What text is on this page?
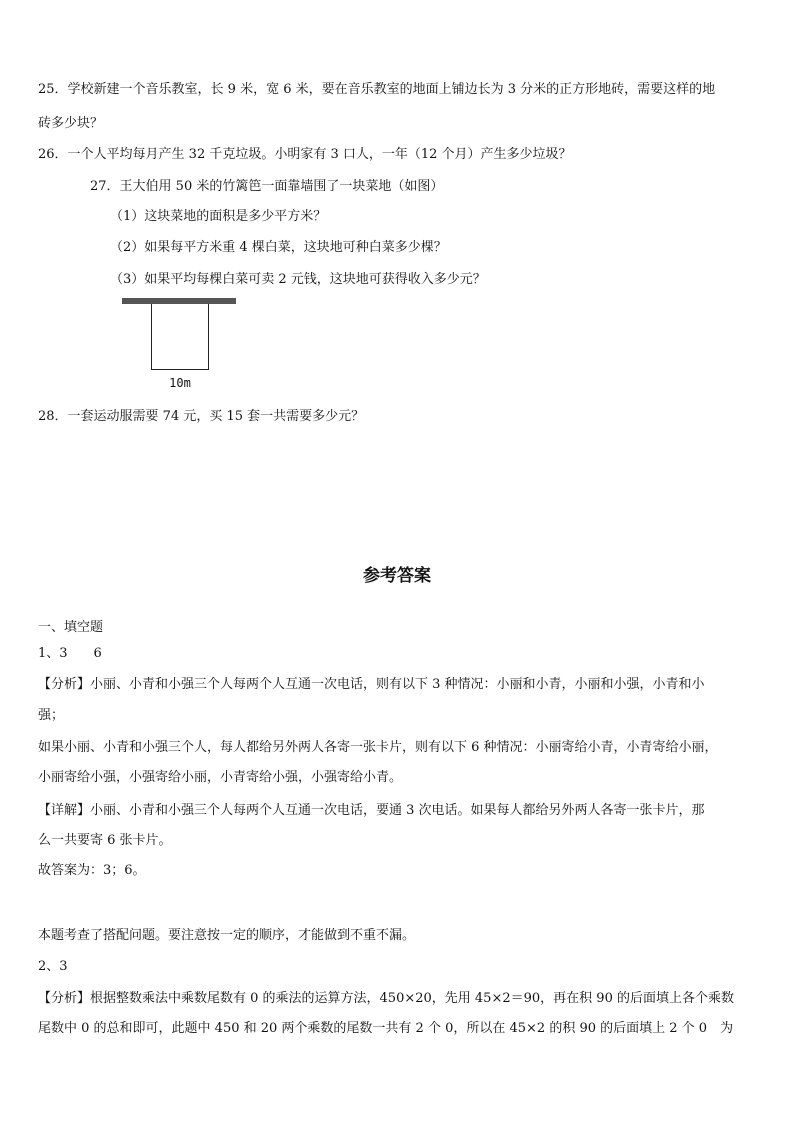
25．学校新建一个音乐教室，长 9 米，宽 6 米，要在音乐教室的地面上铺边长为 3 分米的正方形地砖，需要这样的地
砖多少块？
26．一个人平均每月产生 32 千克垃圾。小明家有 3 口人，一年（12 个月）产生多少垃圾？
27．王大伯用 50 米的竹篱笆一面靠墙围了一块菜地（如图）
（1）这块菜地的面积是多少平方米？
（2）如果每平方米重 4 棵白菜，这块地可种白菜多少棵？
（3）如果平均每棵白菜可卖 2 元钱，这块地可获得收入多少元？
10m
28．一套运动服需要 74 元，买 15 套一共需要多少元？
参考答案
一、填空题
1、3　　6
【分析】小丽、小青和小强三个人每两个人互通一次电话，则有以下 3 种情况：小丽和小青，小丽和小强，小青和小
强；
如果小丽、小青和小强三个人，每人都给另外两人各寄一张卡片，则有以下 6 种情况：小丽寄给小青，小青寄给小丽，
小丽寄给小强，小强寄给小丽，小青寄给小强，小强寄给小青。
【详解】小丽、小青和小强三个人每两个人互通一次电话，要通 3 次电话。如果每人都给另外两人各寄一张卡片，那
么一共要寄 6 张卡片。
故答案为：3；6。
本题考查了搭配问题。要注意按一定的顺序，才能做到不重不漏。
2、3
【分析】根据整数乘法中乘数尾数有 0 的乘法的运算方法，450×20，先用 45×2＝90，再在积 90 的后面填上各个乘数
尾数中 0 的总和即可，此题中 450 和 20 两个乘数的尾数一共有 2 个 0，所以在 45×2 的积 90 的后面填上 2 个 0　为
